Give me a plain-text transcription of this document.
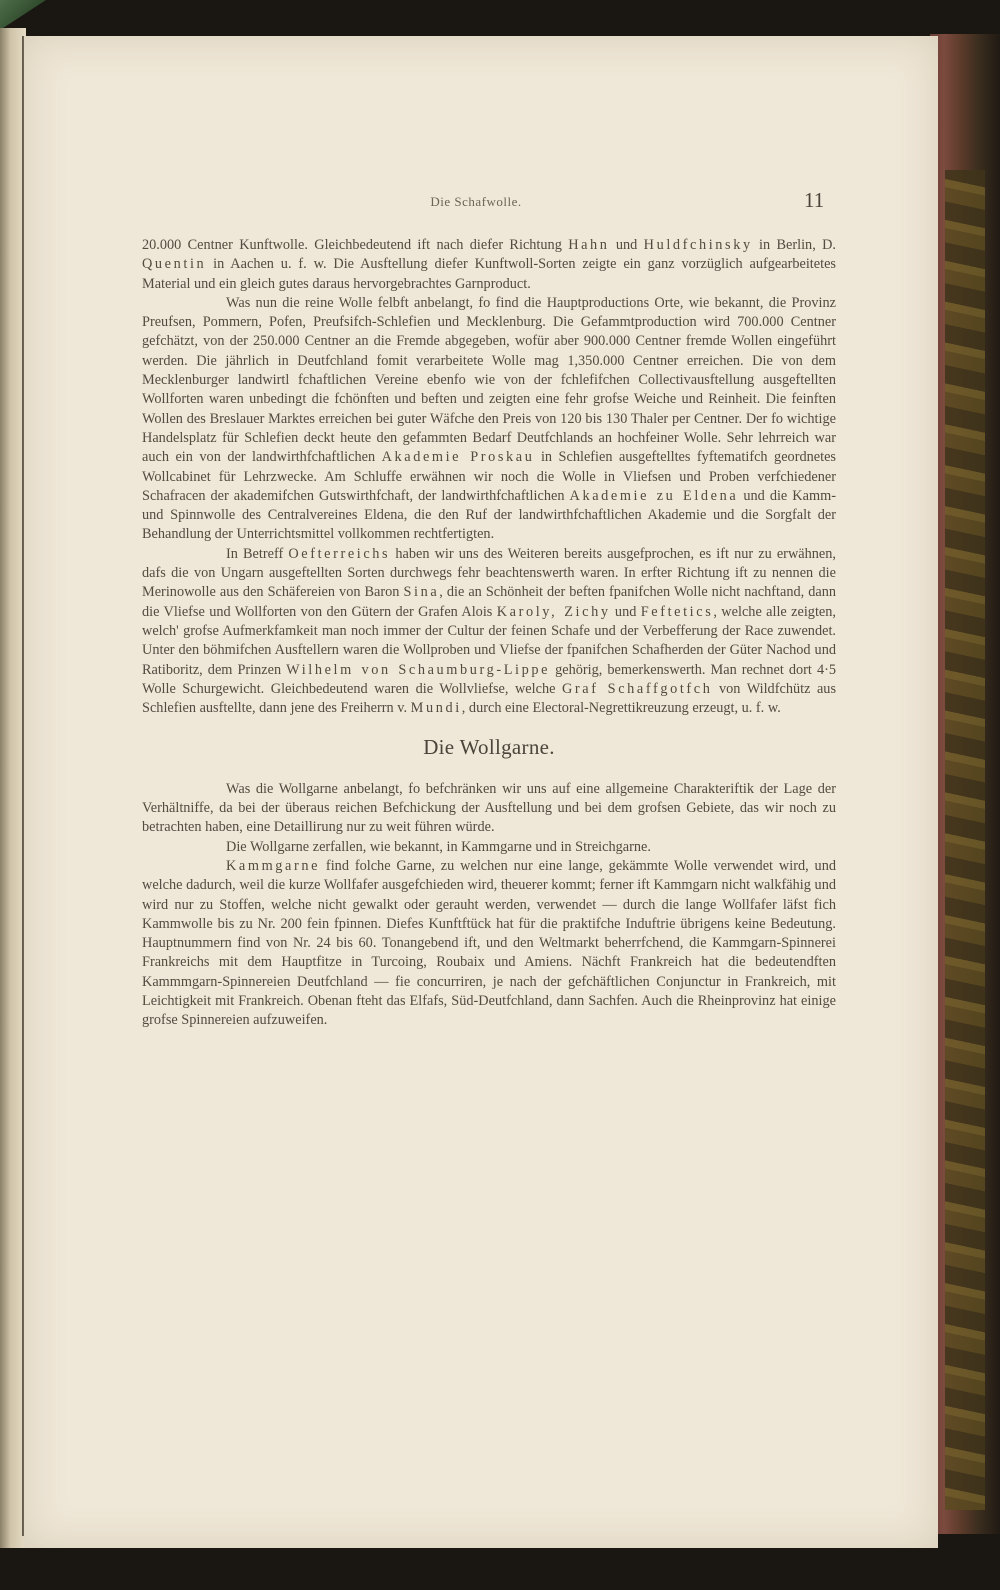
Die Schafwolle.	11

20.000 Centner Kunftwolle. Gleichbedeutend ift nach diefer Richtung Hahn und Huldfchinsky in Berlin, D. Quentin in Aachen u. f. w. Die Ausftellung diefer Kunftwoll-Sorten zeigte ein ganz vorzüglich aufgearbeitetes Material und ein gleich gutes daraus hervorgebrachtes Garnproduct.

Was nun die reine Wolle felbft anbelangt, fo find die Hauptproductions Orte, wie bekannt, die Provinz Preufsen, Pommern, Pofen, Preufsifch-Schlefien und Mecklenburg. Die Gefammtproduction wird 700.000 Centner gefchätzt, von der 250.000 Centner an die Fremde abgegeben, wofür aber 900.000 Centner fremde Wollen eingeführt werden. Die jährlich in Deutfchland fomit verarbeitete Wolle mag 1,350.000 Centner erreichen. Die von dem Mecklenburger landwirtl fchaftlichen Vereine ebenfo wie von der fchlefifchen Collectivausftellung ausgeftellten Wollforten waren unbedingt die fchönften und beften und zeigten eine fehr grofse Weiche und Reinheit. Die feinften Wollen des Breslauer Marktes erreichen bei guter Wäfche den Preis von 120 bis 130 Thaler per Centner. Der fo wichtige Handelsplatz für Schlefien deckt heute den gefammten Bedarf Deutfchlands an hochfeiner Wolle. Sehr lehrreich war auch ein von der landwirthfchaftlichen Akademie Proskau in Schlefien ausgeftelltes fyftematifch geordnetes Wollcabinet für Lehrzwecke. Am Schluffe erwähnen wir noch die Wolle in Vliefsen und Proben verfchiedener Schafracen der akademifchen Gutswirthfchaft, der landwirthfchaftlichen Akademie zu Eldena und die Kamm- und Spinnwolle des Centralvereines Eldena, die den Ruf der landwirthfchaftlichen Akademie und die Sorgfalt der Behandlung der Unterrichtsmittel vollkommen rechtfertigten.

In Betreff Oefterreichs haben wir uns des Weiteren bereits ausgefprochen, es ift nur zu erwähnen, dafs die von Ungarn ausgeftellten Sorten durchwegs fehr beachtenswerth waren. In erfter Richtung ift zu nennen die Merinowolle aus den Schäfereien von Baron Sina, die an Schönheit der beften fpanifchen Wolle nicht nachftand, dann die Vliefse und Wollforten von den Gütern der Grafen Alois Karoly, Zichy und Feftetics, welche alle zeigten, welch' grofse Aufmerkfamkeit man noch immer der Cultur der feinen Schafe und der Verbefferung der Race zuwendet. Unter den böhmifchen Ausftellern waren die Wollproben und Vliefse der fpanifchen Schafherden der Güter Nachod und Ratiboritz, dem Prinzen Wilhelm von Schaumburg-Lippe gehörig, bemerkenswerth. Man rechnet dort 4·5 Wolle Schurgewicht. Gleichbedeutend waren die Wollvliefse, welche Graf Schaffgotfch von Wildfchütz aus Schlefien ausftellte, dann jene des Freiherrn v. Mundi, durch eine Electoral-Negrettikreuzung erzeugt, u. f. w.

Die Wollgarne.

Was die Wollgarne anbelangt, fo befchränken wir uns auf eine allgemeine Charakteriftik der Lage der Verhältniffe, da bei der überaus reichen Befchickung der Ausftellung und bei dem grofsen Gebiete, das wir noch zu betrachten haben, eine Detaillirung nur zu weit führen würde.

Die Wollgarne zerfallen, wie bekannt, in Kammgarne und in Streichgarne.

Kammgarne find folche Garne, zu welchen nur eine lange, gekämmte Wolle verwendet wird, und welche dadurch, weil die kurze Wollfafer ausgefchieden wird, theuerer kommt; ferner ift Kammgarn nicht walkfähig und wird nur zu Stoffen, welche nicht gewalkt oder gerauht werden, verwendet — durch die lange Wollfafer läfst fich Kammwolle bis zu Nr. 200 fein fpinnen. Diefes Kunftftück hat für die praktifche Induftrie übrigens keine Bedeutung. Hauptnummern find von Nr. 24 bis 60. Tonangebend ift, und den Weltmarkt beherrfchend, die Kammgarn-Spinnerei Frankreichs mit dem Hauptfitze in Turcoing, Roubaix und Amiens. Nächft Frankreich hat die bedeutendften Kammmgarn-Spinnereien Deutfchland — fie concurriren, je nach der gefchäftlichen Conjunctur in Frankreich, mit Leichtigkeit mit Frankreich. Obenan fteht das Elfafs, Süd-Deutfchland, dann Sachfen. Auch die Rheinprovinz hat einige grofse Spinnereien aufzuweifen.
